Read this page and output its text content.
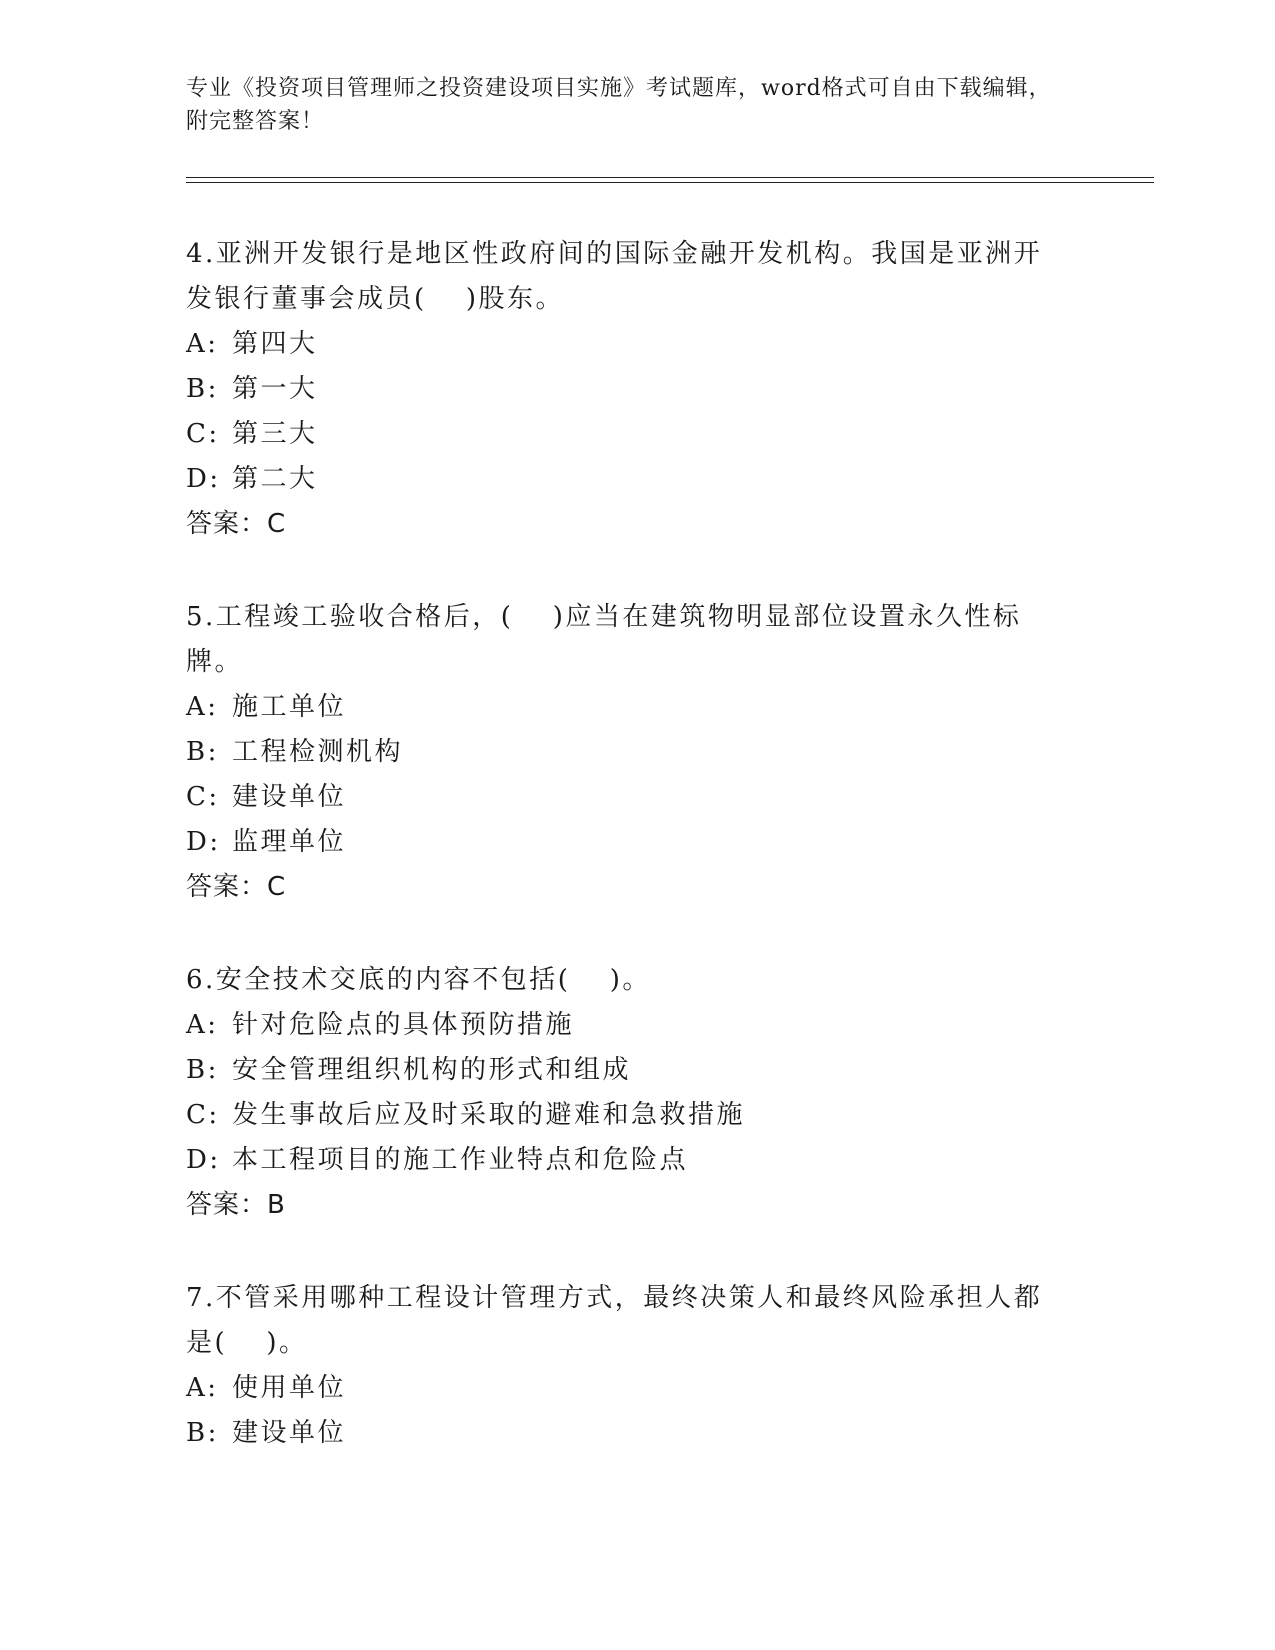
专业《投资项目管理师之投资建设项目实施》考试题库，word格式可自由下载编辑，附完整答案！
4.亚洲开发银行是地区性政府间的国际金融开发机构。我国是亚洲开发银行董事会成员(　 )股东。
A: 第四大
B: 第一大
C: 第三大
D: 第二大
答案：C
5.工程竣工验收合格后，(　 )应当在建筑物明显部位设置永久性标牌。
A: 施工单位
B: 工程检测机构
C: 建设单位
D: 监理单位
答案：C
6.安全技术交底的内容不包括(　 )。
A: 针对危险点的具体预防措施
B: 安全管理组织机构的形式和组成
C: 发生事故后应及时采取的避难和急救措施
D: 本工程项目的施工作业特点和危险点
答案：B
7.不管采用哪种工程设计管理方式，最终决策人和最终风险承担人都是(　 )。
A: 使用单位
B: 建设单位
